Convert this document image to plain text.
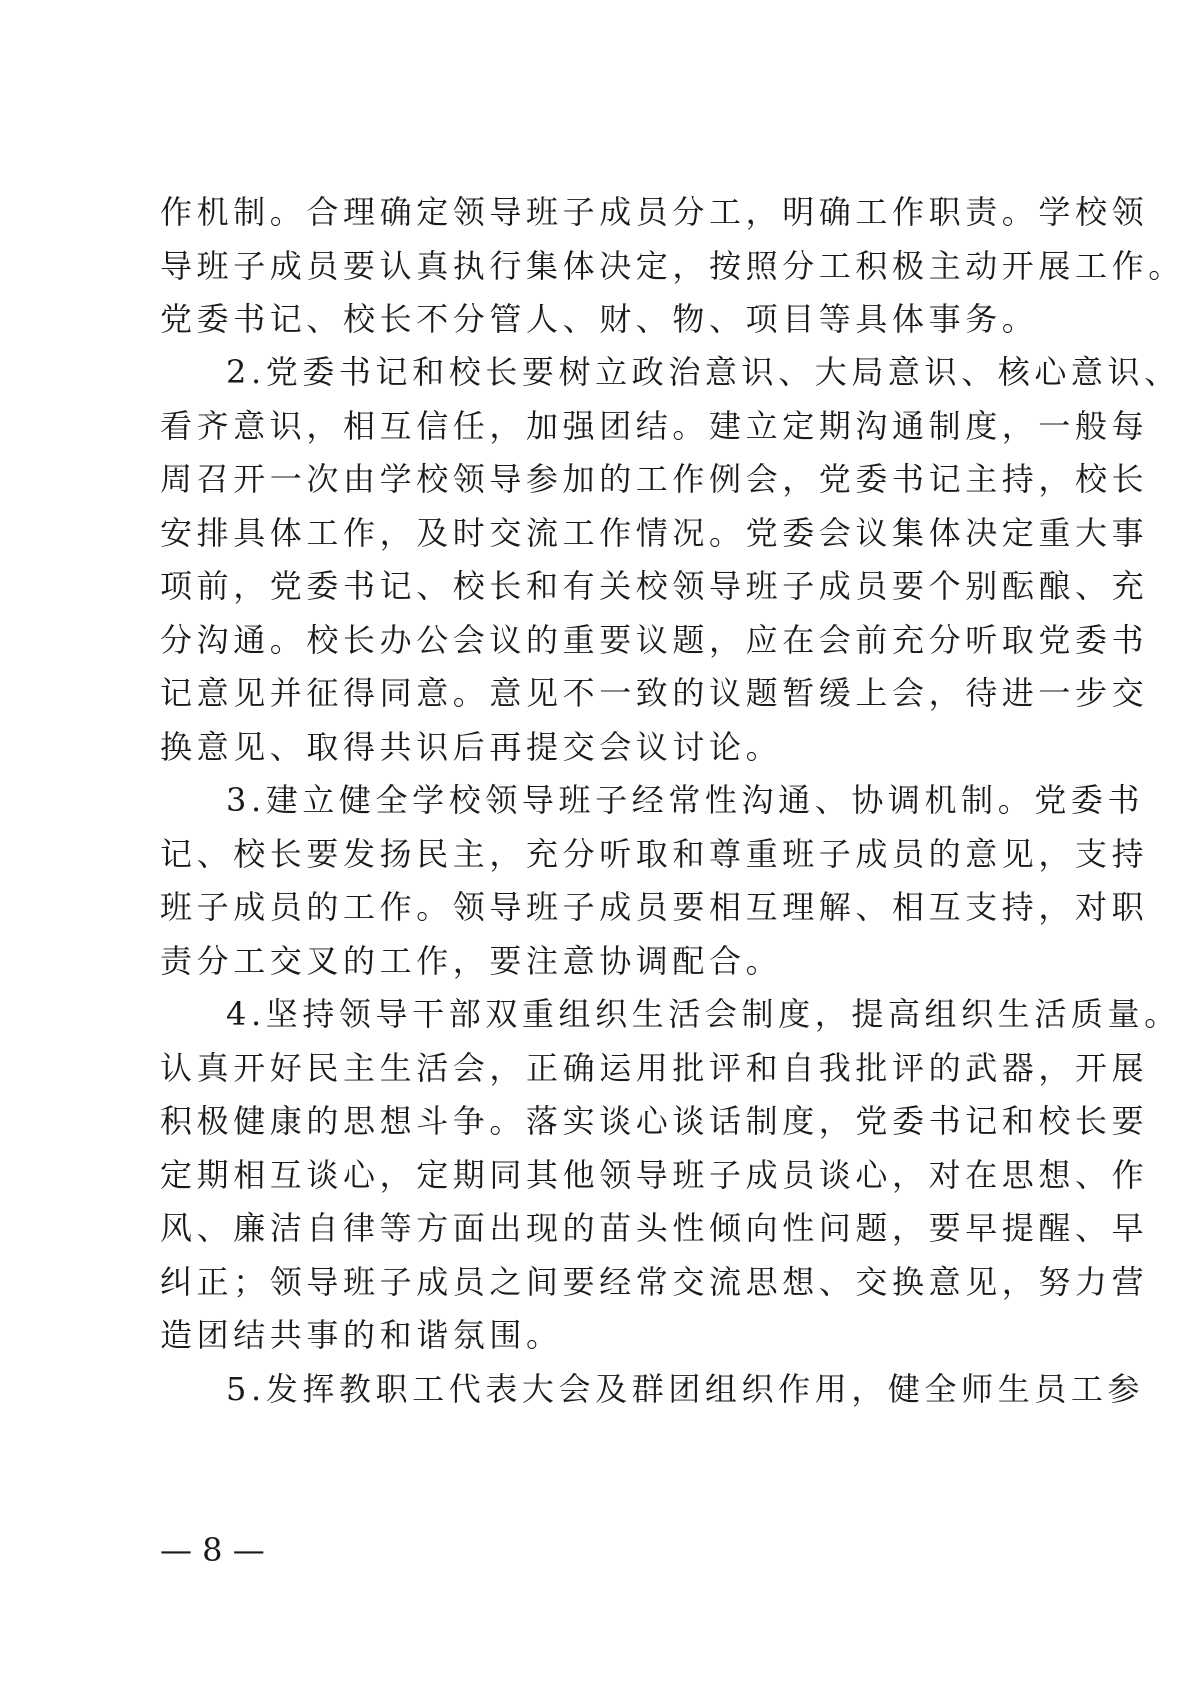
作机制。合理确定领导班子成员分工，明确工作职责。学校领
导班子成员要认真执行集体决定，按照分工积极主动开展工作。
党委书记、校长不分管人、财、物、项目等具体事务。
2.党委书记和校长要树立政治意识、大局意识、核心意识、
看齐意识，相互信任，加强团结。建立定期沟通制度，一般每
周召开一次由学校领导参加的工作例会，党委书记主持，校长
安排具体工作，及时交流工作情况。党委会议集体决定重大事
项前，党委书记、校长和有关校领导班子成员要个别酝酿、充
分沟通。校长办公会议的重要议题，应在会前充分听取党委书
记意见并征得同意。意见不一致的议题暂缓上会，待进一步交
换意见、取得共识后再提交会议讨论。
3.建立健全学校领导班子经常性沟通、协调机制。党委书
记、校长要发扬民主，充分听取和尊重班子成员的意见，支持
班子成员的工作。领导班子成员要相互理解、相互支持，对职
责分工交叉的工作，要注意协调配合。
4.坚持领导干部双重组织生活会制度，提高组织生活质量。
认真开好民主生活会，正确运用批评和自我批评的武器，开展
积极健康的思想斗争。落实谈心谈话制度，党委书记和校长要
定期相互谈心，定期同其他领导班子成员谈心，对在思想、作
风、廉洁自律等方面出现的苗头性倾向性问题，要早提醒、早
纠正；领导班子成员之间要经常交流思想、交换意见，努力营
造团结共事的和谐氛围。
5.发挥教职工代表大会及群团组织作用，健全师生员工参
— 8 —
